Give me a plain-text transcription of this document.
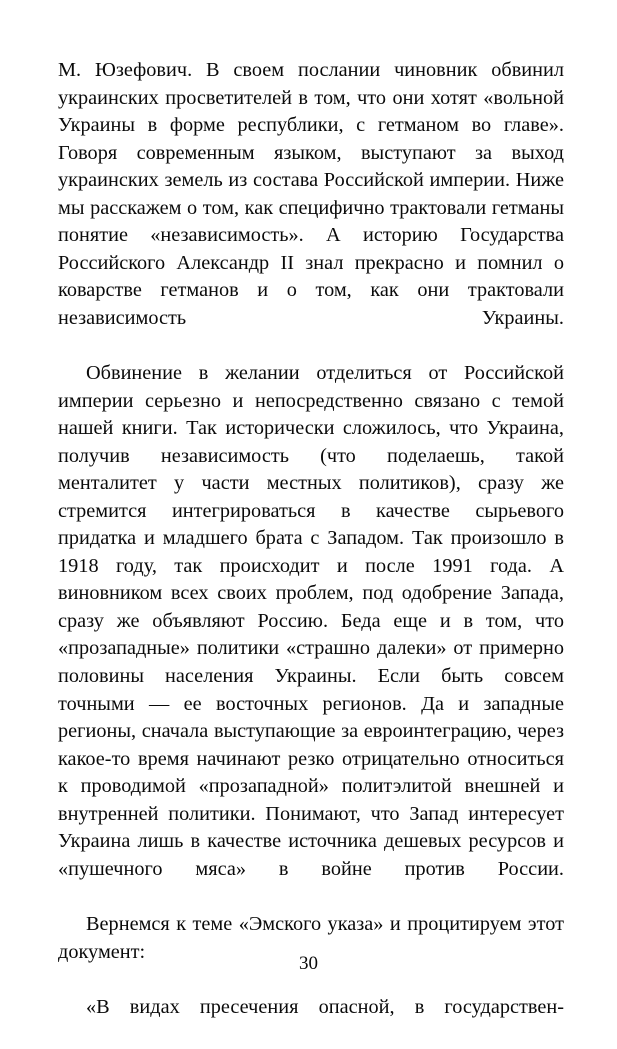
М. Юзефович. В своем послании чиновник обвинил украинских просветителей в том, что они хотят «вольной Украины в форме республики, с гетманом во главе». Говоря современным языком, выступают за выход украинских земель из состава Российской империи. Ниже мы расскажем о том, как специфично трактовали гетманы понятие «независимость». А историю Государства Российского Александр II знал прекрасно и помнил о коварстве гетманов и о том, как они трактовали независимость Украины.

Обвинение в желании отделиться от Российской империи серьезно и непосредственно связано с темой нашей книги. Так исторически сложилось, что Украина, получив независимость (что поделаешь, такой менталитет у части местных политиков), сразу же стремится интегрироваться в качестве сырьевого придатка и младшего брата с Западом. Так произошло в 1918 году, так происходит и после 1991 года. А виновником всех своих проблем, под одобрение Запада, сразу же объявляют Россию. Беда еще и в том, что «прозападные» политики «страшно далеки» от примерно половины населения Украины. Если быть совсем точными — ее восточных регионов. Да и западные регионы, сначала выступающие за евроинтеграцию, через какое-то время начинают резко отрицательно относиться к проводимой «прозападной» политэлитой внешней и внутренней политики. Понимают, что Запад интересует Украина лишь в качестве источника дешевых ресурсов и «пушечного мяса» в войне против России.

Вернемся к теме «Эмского указа» и процитируем этот документ:

«В видах пресечения опасной, в государствен-

30
